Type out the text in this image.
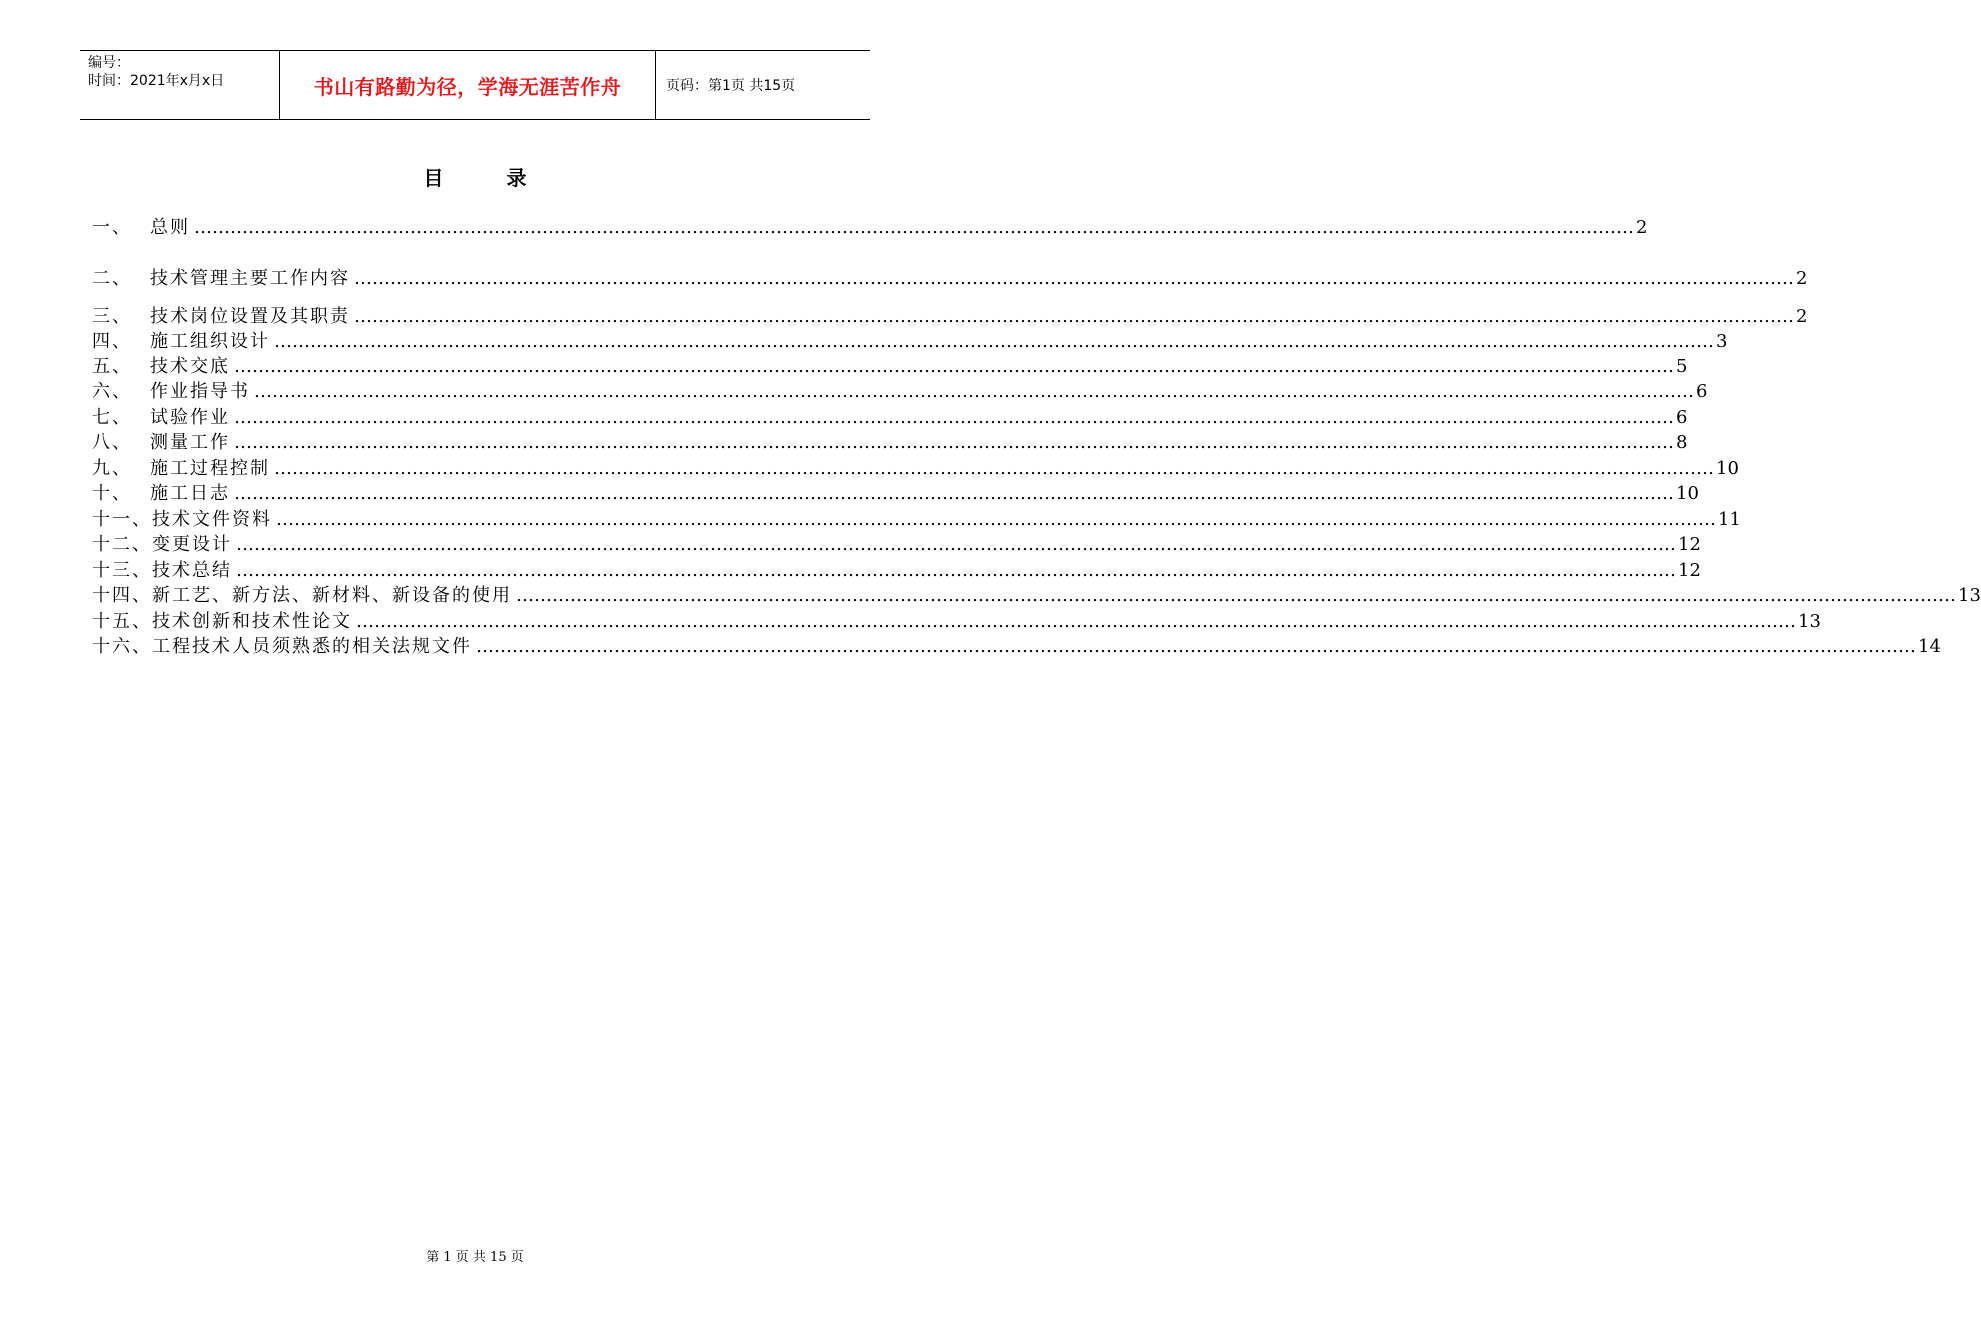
编号：
时间：2021年x月x日	书山有路勤为径，学海无涯苦作舟	页码：第1页 共15页
目 录
一、 总则 …………………………………………………………………………………………………………………………………………………………………………………………………………………… 2
二、 技术管理主要工作内容 …………………………………………………………………………………………………………………………………………………………………………………………………………………… 2
三、 技术岗位设置及其职责 …………………………………………………………………………………………………………………………………………………………………………………………………………………… 2
四、 施工组织设计 …………………………………………………………………………………………………………………………………………………………………………………………………………………… 3
五、 技术交底 …………………………………………………………………………………………………………………………………………………………………………………………………………………… 5
六、 作业指导书 …………………………………………………………………………………………………………………………………………………………………………………………………………………… 6
七、 试验作业 …………………………………………………………………………………………………………………………………………………………………………………………………………………… 6
八、 测量工作 …………………………………………………………………………………………………………………………………………………………………………………………………………………… 8
九、 施工过程控制 …………………………………………………………………………………………………………………………………………………………………………………………………………………… 10
十、 施工日志 …………………………………………………………………………………………………………………………………………………………………………………………………………………… 10
十一、 技术文件资料 …………………………………………………………………………………………………………………………………………………………………………………………………………………… 11
十二、 变更设计 …………………………………………………………………………………………………………………………………………………………………………………………………………………… 12
十三、 技术总结 …………………………………………………………………………………………………………………………………………………………………………………………………………………… 12
十四、 新工艺、新方法、新材料、新设备的使用 …………………………………………………………………………………………………………………………………………………………………………………………………………………… 13
十五、 技术创新和技术性论文 …………………………………………………………………………………………………………………………………………………………………………………………………………………… 13
十六、 工程技术人员须熟悉的相关法规文件 …………………………………………………………………………………………………………………………………………………………………………………………………………………… 14
第 1 页 共 15 页
